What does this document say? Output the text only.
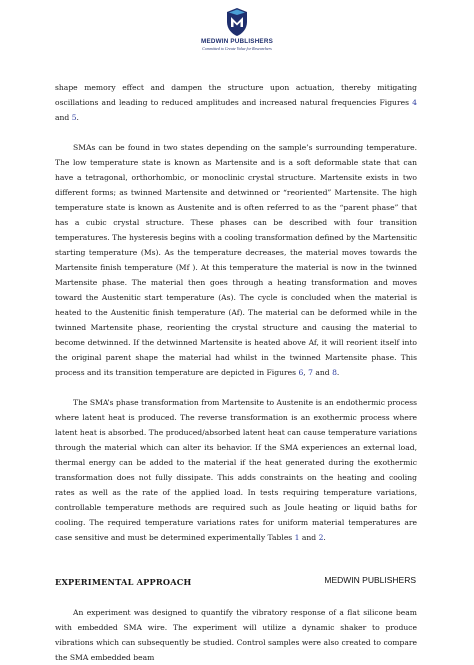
MEDWIN PUBLISHERS
Committed to Create Value for Researchers

shape memory effect and dampen the structure upon actuation, thereby mitigating oscillations and leading to reduced amplitudes and increased natural frequencies Figures 4 and 5.

SMAs can be found in two states depending on the sample’s surrounding temperature. The low temperature state is known as Martensite and is a soft deformable state that can have a tetragonal, orthorhombic, or monoclinic crystal structure. Martensite exists in two different forms; as twinned Martensite and detwinned or “reoriented” Martensite. The high temperature state is known as Austenite and is often referred to as the “parent phase” that has a cubic crystal structure. These phases can be described with four transition temperatures. The hysteresis begins with a cooling transformation defined by the Martensitic starting temperature (Ms). As the temperature decreases, the material moves towards the Martensite finish temperature (Mf ). At this temperature the material is now in the twinned Martensite phase. The material then goes through a heating transformation and moves toward the Austenitic start temperature (As). The cycle is concluded when the material is heated to the Austenitic finish temperature (Af). The material can be deformed while in the twinned Martensite phase, reorienting the crystal structure and causing the material to become detwinned. If the detwinned Martensite is heated above Af, it will reorient itself into the original parent shape the material had whilst in the twinned Martensite phase. This process and its transition temperature are depicted in Figures 6, 7 and 8.

The SMA’s phase transformation from Martensite to Austenite is an endothermic process where latent heat is produced. The reverse transformation is an exothermic process where latent heat is absorbed. The produced/absorbed latent heat can cause temperature variations through the material which can alter its behavior. If the SMA experiences an external load, thermal energy can be added to the material if the heat generated during the exothermic transformation does not fully dissipate. This adds constraints on the heating and cooling rates as well as the rate of the applied load. In tests requiring temperature variations, controllable temperature methods are required such as Joule heating or liquid baths for cooling. The required temperature variations rates for uniform material temperatures are case sensitive and must be determined experimentally Tables 1 and 2.

EXPERIMENTAL APPROACH

An experiment was designed to quantify the vibratory response of a flat silicone beam with embedded SMA wire. The experiment will utilize a dynamic shaker to produce vibrations which can subsequently be studied. Control samples were also created to compare the SMA embedded beam

MEDWIN PUBLISHERS
